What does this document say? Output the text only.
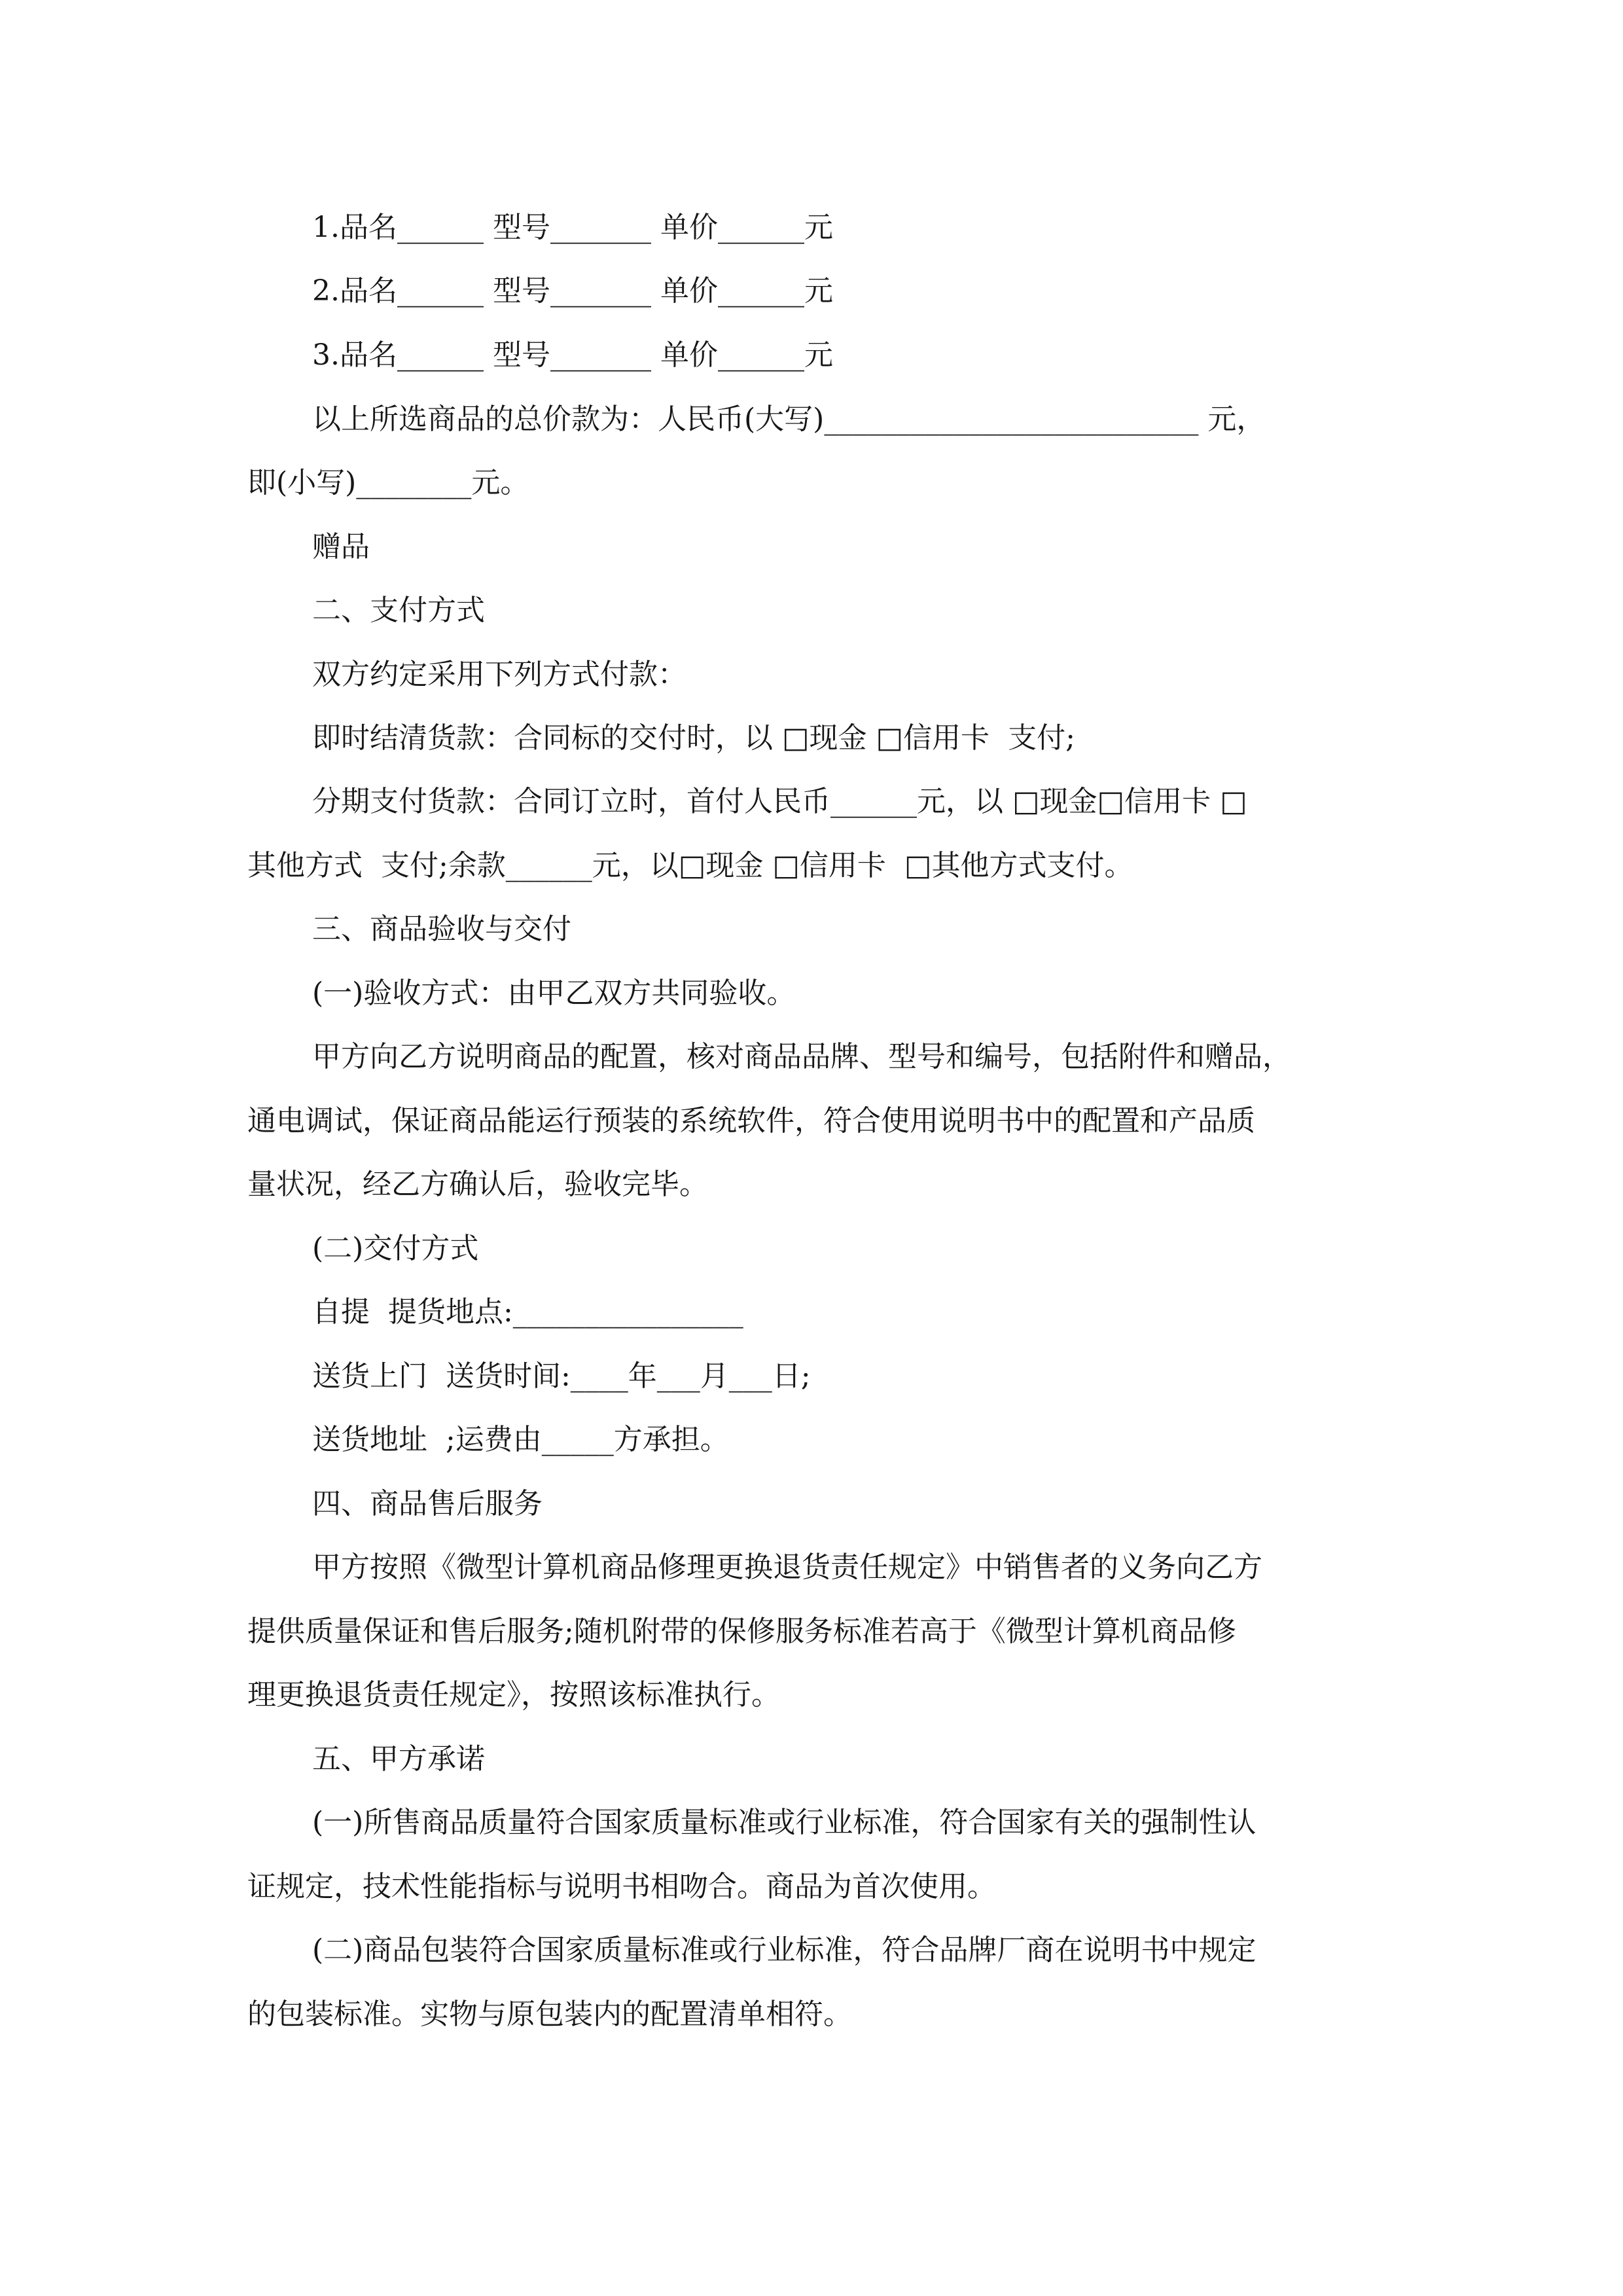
1.品名______ 型号_______ 单价______元
2.品名______ 型号_______ 单价______元
3.品名______ 型号_______ 单价______元
以上所选商品的总价款为：人民币(大写)__________________________ 元，
即(小写)________元。
赠品
二、支付方式
双方约定采用下列方式付款：
即时结清货款：合同标的交付时，以 □现金 □信用卡  支付;
分期支付货款：合同订立时，首付人民币______元，以 □现金□信用卡 □
其他方式  支付;余款______元，以□现金 □信用卡  □其他方式支付。
三、商品验收与交付
(一)验收方式：由甲乙双方共同验收。
甲方向乙方说明商品的配置，核对商品品牌、型号和编号，包括附件和赠品，
通电调试，保证商品能运行预装的系统软件，符合使用说明书中的配置和产品质
量状况，经乙方确认后，验收完毕。
(二)交付方式
自提  提货地点:________________
送货上门  送货时间:____年___月___日;
送货地址  ;运费由_____方承担。
四、商品售后服务
甲方按照《微型计算机商品修理更换退货责任规定》中销售者的义务向乙方
提供质量保证和售后服务;随机附带的保修服务标准若高于《微型计算机商品修
理更换退货责任规定》，按照该标准执行。
五、甲方承诺
(一)所售商品质量符合国家质量标准或行业标准，符合国家有关的强制性认
证规定，技术性能指标与说明书相吻合。商品为首次使用。
(二)商品包装符合国家质量标准或行业标准，符合品牌厂商在说明书中规定
的包装标准。实物与原包装内的配置清单相符。
